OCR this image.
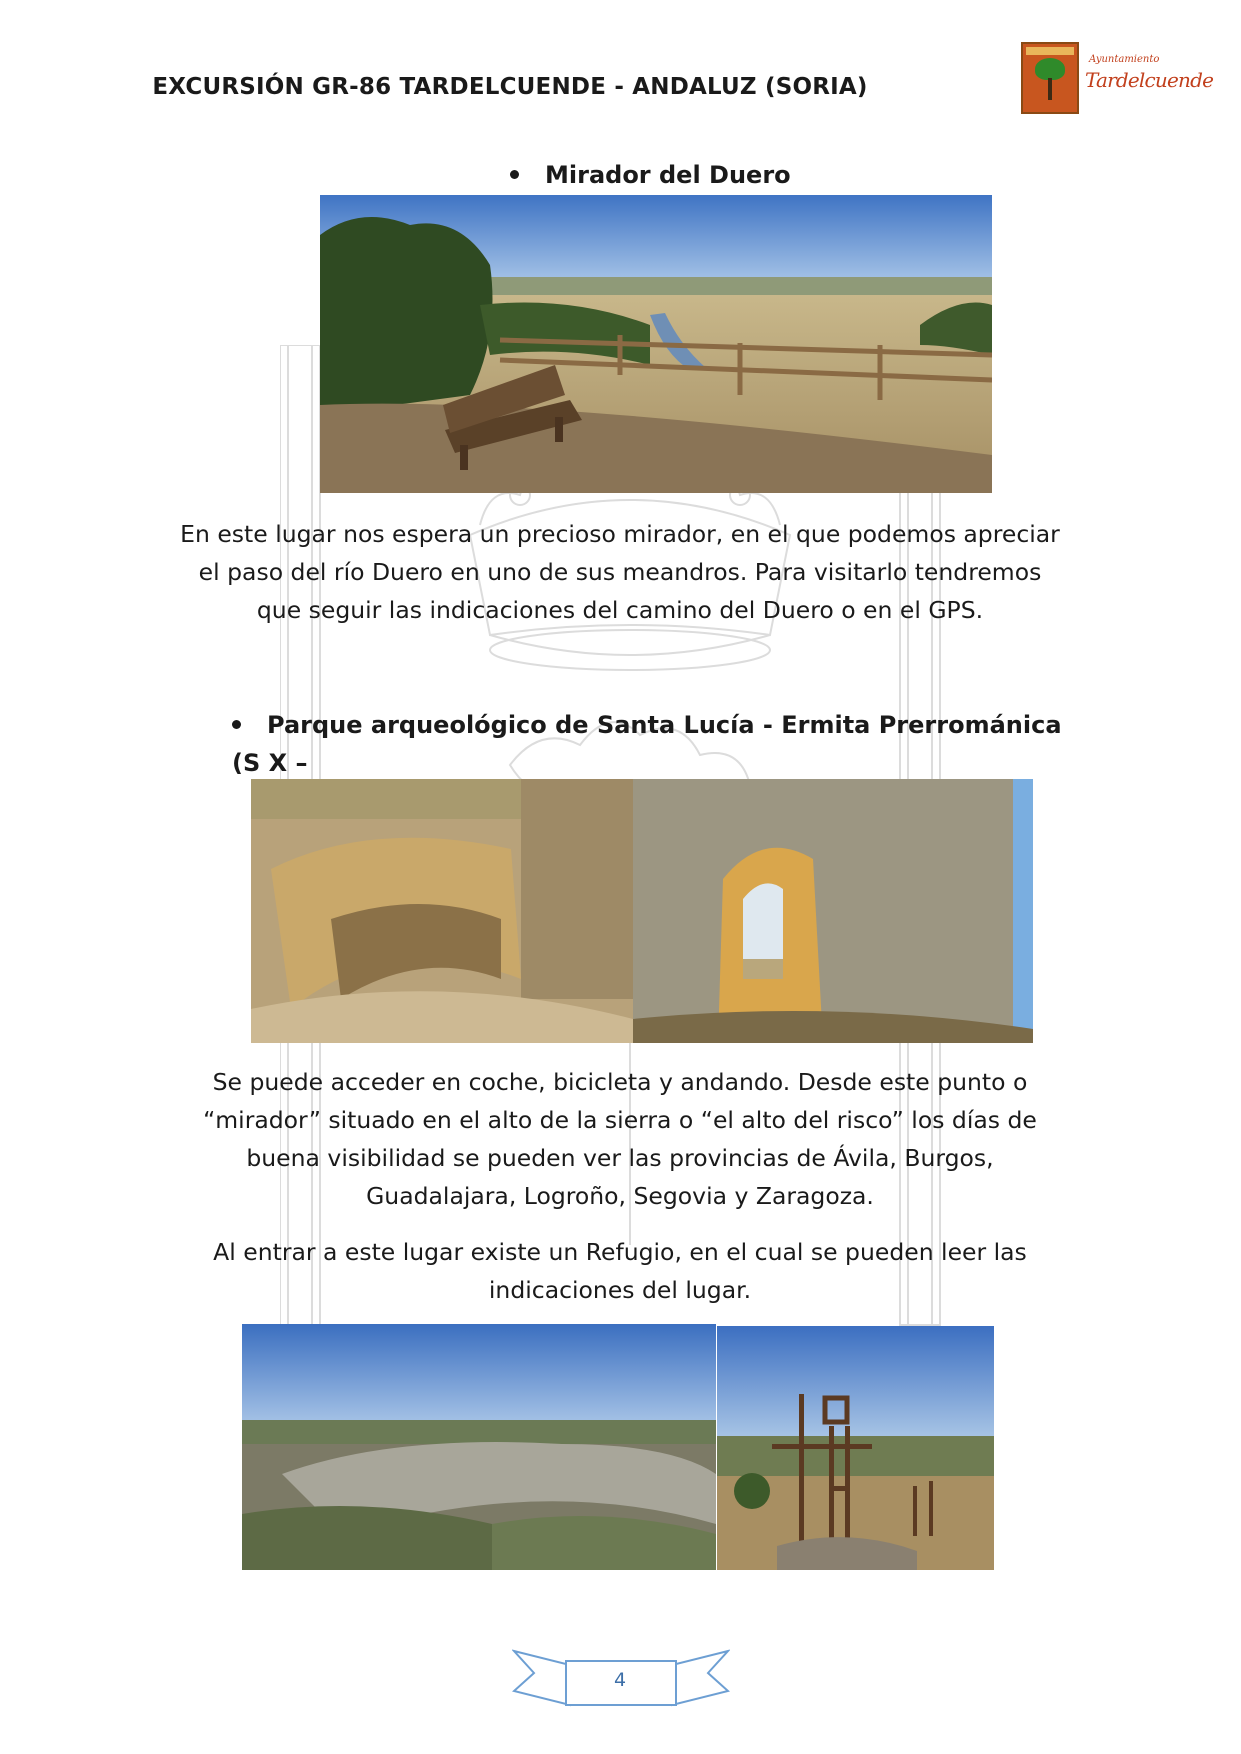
EXCURSIÓN GR-86 TARDELCUENDE - ANDALUZ (SORIA)
Ayuntamiento
Tardelcuende
Mirador del Duero
En este lugar nos espera un precioso mirador, en el que podemos apreciar
el paso del río Duero en uno de sus meandros. Para visitarlo tendremos
que seguir las indicaciones del camino del Duero o en el GPS.
Parque arqueológico de Santa Lucía - Ermita Prerrománica (S X –
Se puede acceder en coche, bicicleta y andando. Desde este punto o
“mirador” situado en el alto de la sierra o “el alto del risco” los días de
buena visibilidad se pueden ver las provincias de Ávila, Burgos,
Guadalajara, Logroño, Segovia y Zaragoza.
Al entrar a este lugar existe un Refugio, en el cual se pueden leer las
indicaciones del lugar.
4
